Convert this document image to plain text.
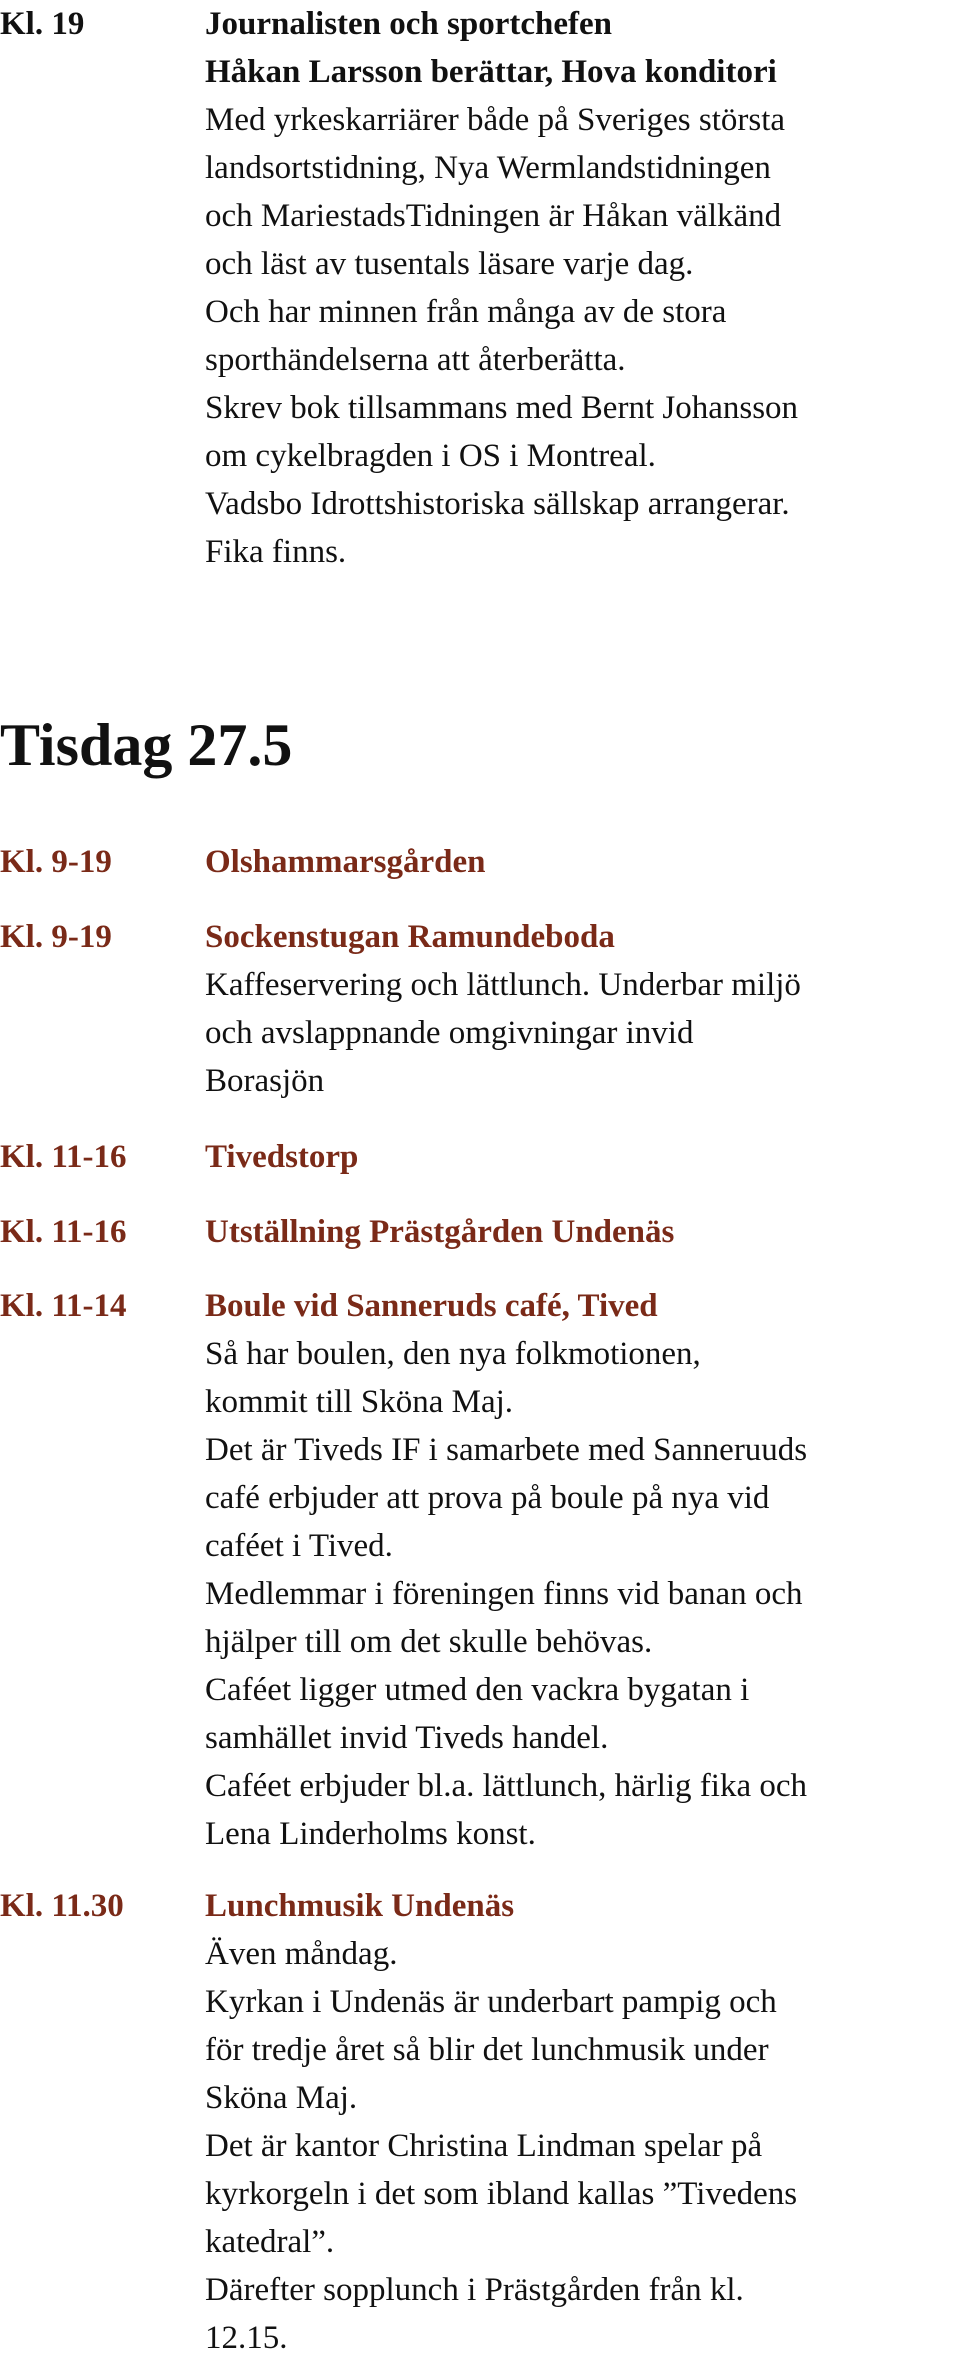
Kl. 19	Journalisten och sportchefen
Håkan Larsson berättar, Hova konditori
Med yrkeskarriärer både på Sveriges största
landsortstidning, Nya Wermlandstidningen
och MariestadsTidningen är Håkan välkänd
och läst av tusentals läsare varje dag.
Och har minnen från många av de stora
sporthändelserna att återberätta.
Skrev bok tillsammans med Bernt Johansson
om cykelbragden i OS i Montreal.
Vadsbo Idrottshistoriska sällskap arrangerar.
Fika finns.
Tisdag 27.5
Kl. 9-19	Olshammarsgården
Kl. 9-19	Sockenstugan Ramundeboda
Kaffeservering och lättlunch. Underbar miljö
och avslappnande omgivningar invid
Borasjön
Kl. 11-16	Tivedstorp
Kl. 11-16	Utställning Prästgården Undenäs
Kl. 11-14	Boule vid Sanneruds café, Tived
Så har boulen, den nya folkmotionen,
kommit till Sköna Maj.
Det är Tiveds IF i samarbete med Sanneruuds
café erbjuder att prova på boule på nya vid
caféet i Tived.
Medlemmar i föreningen finns vid banan och
hjälper till om det skulle behövas.
Caféet ligger utmed den vackra bygatan i
samhället invid Tiveds handel.
Caféet erbjuder bl.a. lättlunch, härlig fika och
Lena Linderholms konst.
Kl. 11.30	Lunchmusik Undenäs
Även måndag.
Kyrkan i Undenäs är underbart pampig och
för tredje året så blir det lunchmusik under
Sköna Maj.
Det är kantor Christina Lindman spelar på
kyrkorgeln i det som ibland kallas ”Tivedens
katedral”.
Därefter sopplunch i Prästgården från kl.
12.15.
